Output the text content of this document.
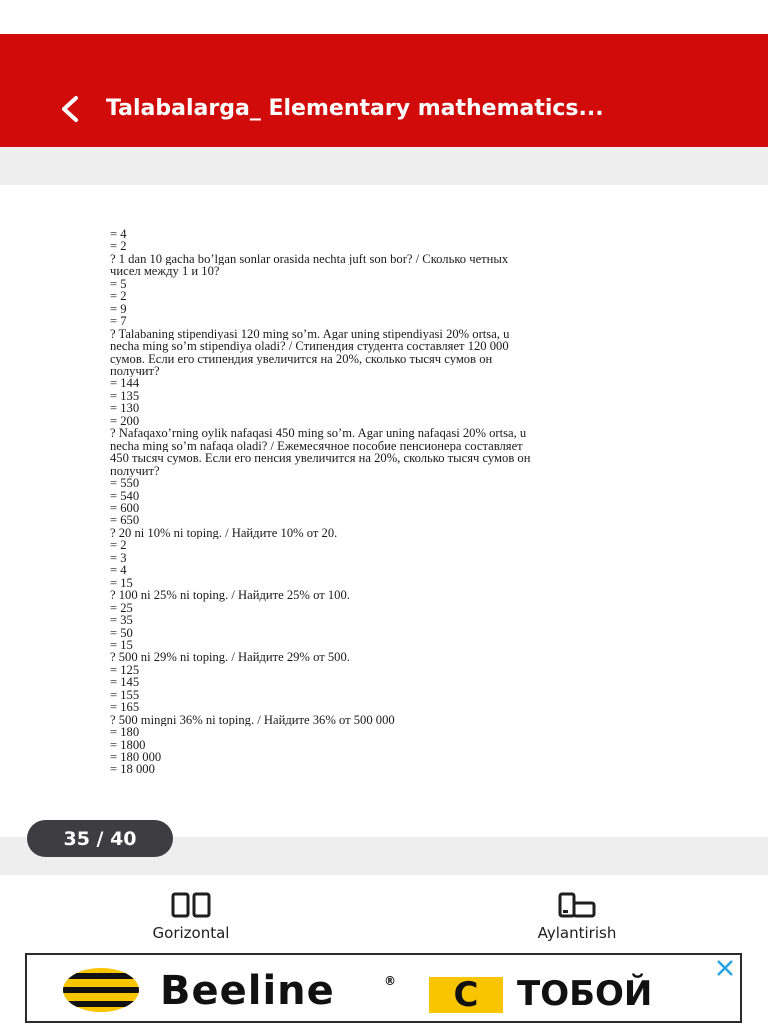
Talabalarga_ Elementary mathematics...
= 4
= 2
? 1 dan 10 gacha bo’lgan sonlar orasida nechta juft son bor? / Сколько четных
чисел между 1 и 10?
= 5
= 2
= 9
= 7
? Talabaning stipendiyasi 120 ming so’m. Agar uning stipendiyasi 20% ortsa, u
necha ming so’m stipendiya oladi? / Стипендия студента составляет 120 000
сумов. Если его стипендия увеличится на 20%, сколько тысяч сумов он
получит?
= 144
= 135
= 130
= 200
? Nafaqaxo’rning oylik nafaqasi 450 ming so’m. Agar uning nafaqasi 20% ortsa, u
necha ming so’m nafaqa oladi? / Ежемесячное пособие пенсионера составляет
450 тысяч сумов. Если его пенсия увеличится на 20%, сколько тысяч сумов он
получит?
= 550
= 540
= 600
= 650
? 20 ni 10% ni toping. / Найдите 10% от 20.
= 2
= 3
= 4
= 15
? 100 ni 25% ni toping. / Найдите 25% от 100.
= 25
= 35
= 50
= 15
? 500 ni 29% ni toping. / Найдите 29% от 500.
= 125
= 145
= 155
= 165
? 500 mingni 36% ni toping. / Найдите 36% от 500 000
= 180
= 1800
= 180 000
= 18 000
35 / 40
Gorizontal	Aylantirish
Beeline	®	С	ТОБОЙ
